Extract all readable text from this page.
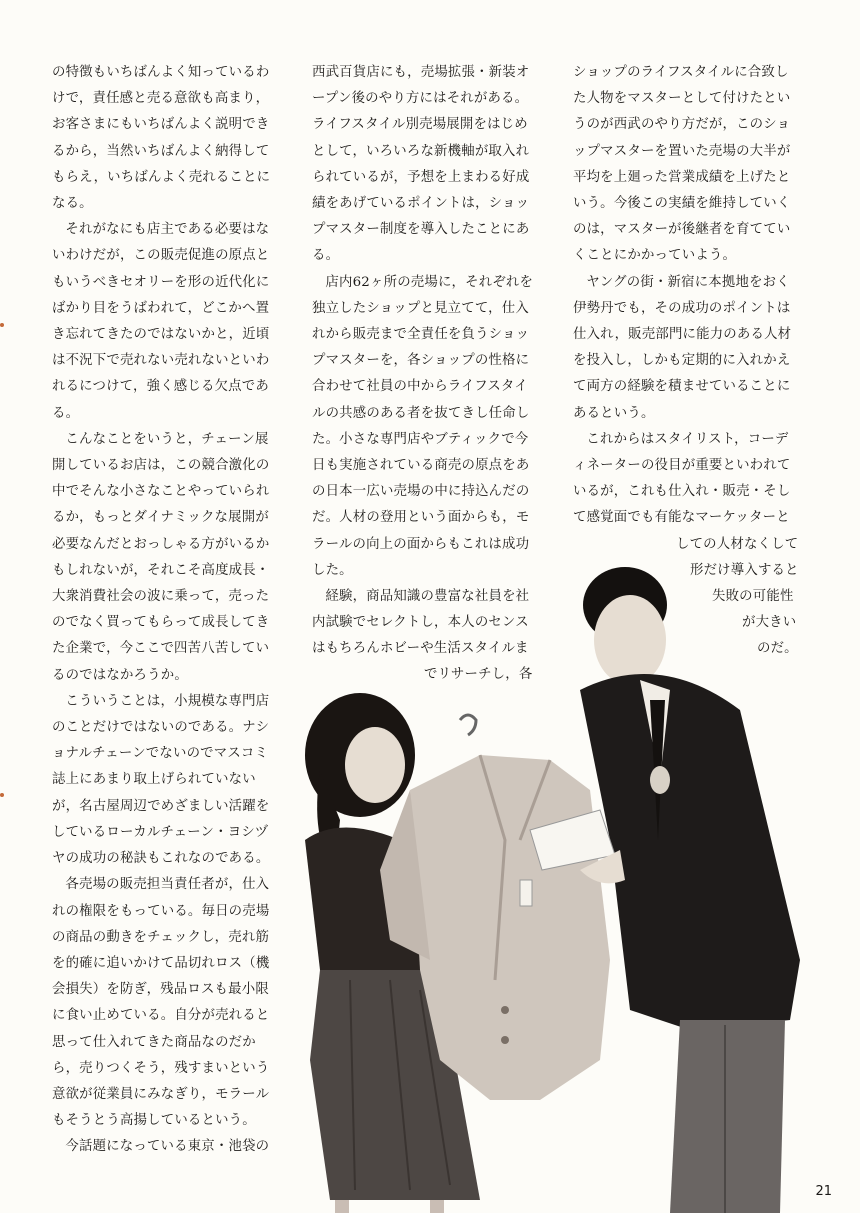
の特徴もいちばんよく知っているわけで，責任感と売る意欲も高まり，お客さまにもいちばんよく説明できるから，当然いちばんよく納得してもらえ，いちばんよく売れることになる。

それがなにも店主である必要はないわけだが，この販売促進の原点ともいうべきセオリーを形の近代化にばかり目をうばわれて，どこかへ置き忘れてきたのではないかと，近頃は不況下で売れない売れないといわれるにつけて，強く感じる欠点である。

こんなことをいうと，チェーン展開しているお店は，この競合激化の中でそんな小さなことやっていられるか，もっとダイナミックな展開が必要なんだとおっしゃる方がいるかもしれないが，それこそ高度成長・大衆消費社会の波に乗って，売ったのでなく買ってもらって成長してきた企業で，今ここで四苦八苦しているのではなかろうか。

こういうことは，小規模な専門店のことだけではないのである。ナショナルチェーンでないのでマスコミ誌上にあまり取上げられていないが，名古屋周辺でめざましい活躍をしているローカルチェーン・ヨシヅヤの成功の秘訣もこれなのである。

各売場の販売担当責任者が，仕入れの権限をもっている。毎日の売場の商品の動きをチェックし，売れ筋を的確に追いかけて品切れロス（機会損失）を防ぎ，残品ロスも最小限に食い止めている。自分が売れると思って仕入れてきた商品なのだから，売りつくそう，残すまいという意欲が従業員にみなぎり，モラールもそうとう高揚しているという。

今話題になっている東京・池袋の

西武百貨店にも，売場拡張・新装オープン後のやり方にはそれがある。ライフスタイル別売場展開をはじめとして，いろいろな新機軸が取入れられているが，予想を上まわる好成績をあげているポイントは，ショップマスター制度を導入したことにある。

店内62ヶ所の売場に，それぞれを独立したショップと見立てて，仕入れから販売まで全責任を負うショップマスターを，各ショップの性格に合わせて社員の中からライフスタイルの共感のある者を抜てきし任命した。小さな専門店やブティックで今日も実施されている商売の原点をあの日本一広い売場の中に持込んだのだ。人材の登用という面からも，モラールの向上の面からもこれは成功した。

経験，商品知識の豊富な社員を社内試験でセレクトし，本人のセンスはもちろんホビーや生活スタイルま

ショップのライフスタイルに合致した人物をマスターとして付けたというのが西武のやり方だが，このショップマスターを置いた売場の大半が平均を上廻った営業成績を上げたという。今後この実績を維持していくのは，マスターが後継者を育てていくことにかかっていよう。

ヤングの街・新宿に本拠地をおく伊勢丹でも，その成功のポイントは仕入れ，販売部門に能力のある人材を投入し，しかも定期的に入れかえて両方の経験を積ませていることにあるという。

これからはスタイリスト，コーディネーターの役目が重要といわれているが，これも仕入れ・販売・そして感覚面でも有能なマーケッターと

でリサーチし，各
しての人材なくして
形だけ導入すると
失敗の可能性
が大きい
のだ。
21
